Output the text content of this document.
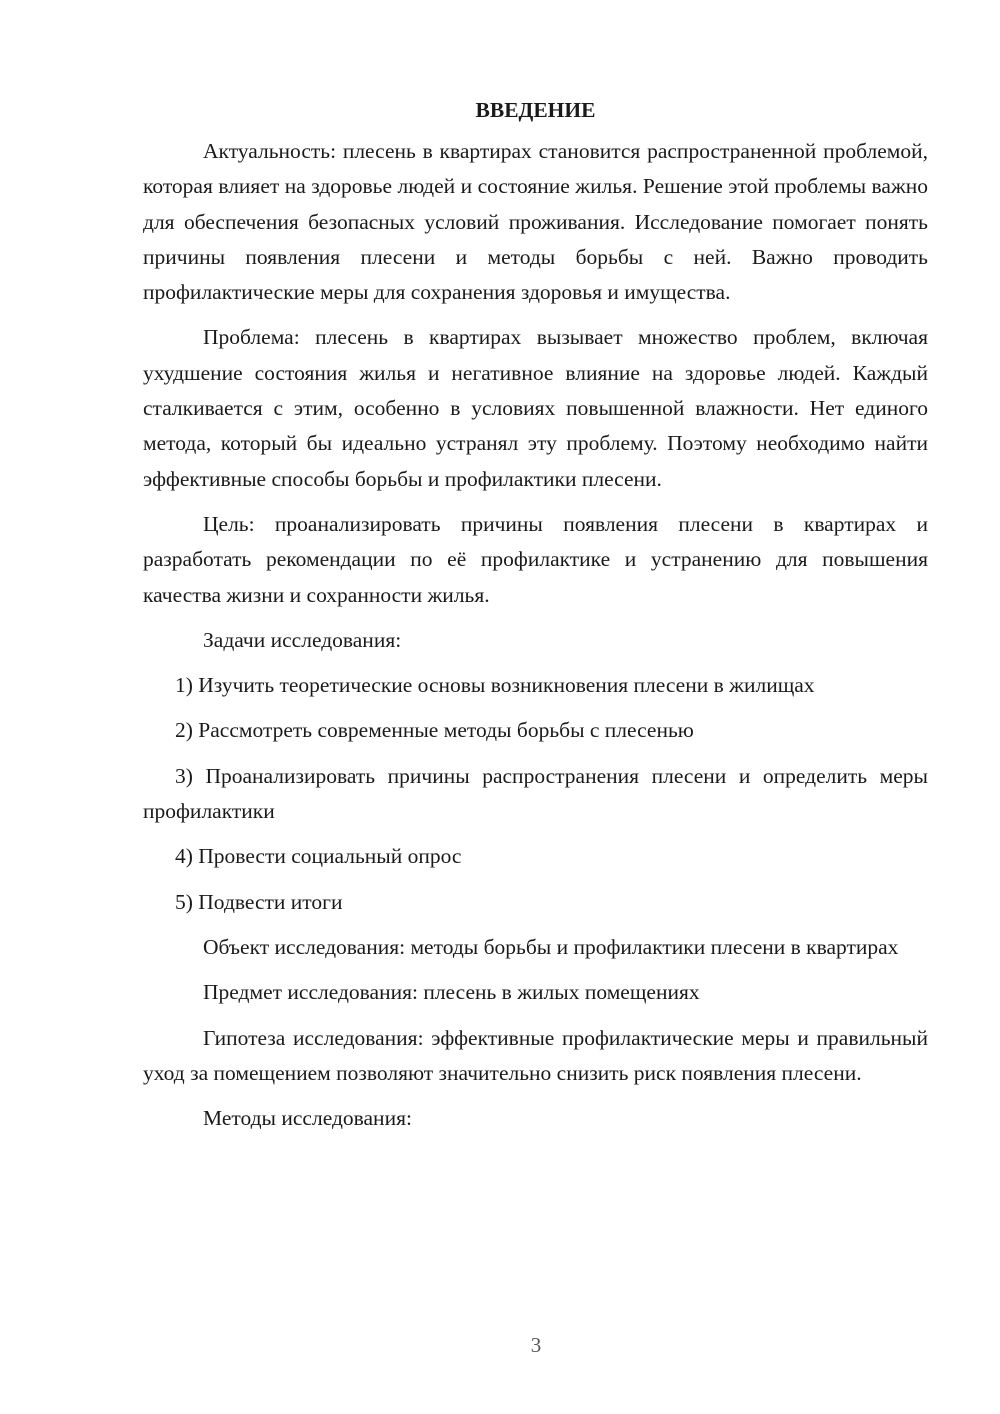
ВВЕДЕНИЕ

Актуальность: плесень в квартирах становится распространенной проблемой, которая влияет на здоровье людей и состояние жилья. Решение этой проблемы важно для обеспечения безопасных условий проживания. Исследование помогает понять причины появления плесени и методы борьбы с ней. Важно проводить профилактические меры для сохранения здоровья и имущества.

Проблема: плесень в квартирах вызывает множество проблем, включая ухудшение состояния жилья и негативное влияние на здоровье людей. Каждый сталкивается с этим, особенно в условиях повышенной влажности. Нет единого метода, который бы идеально устранял эту проблему. Поэтому необходимо найти эффективные способы борьбы и профилактики плесени.

Цель: проанализировать причины появления плесени в квартирах и разработать рекомендации по её профилактике и устранению для повышения качества жизни и сохранности жилья.

Задачи исследования:

1) Изучить теоретические основы возникновения плесени в жилищах

2) Рассмотреть современные методы борьбы с плесенью

3) Проанализировать причины распространения плесени и определить меры профилактики

4) Провести социальный опрос

5) Подвести итоги

Объект исследования: методы борьбы и профилактики плесени в квартирах

Предмет исследования: плесень в жилых помещениях

Гипотеза исследования: эффективные профилактические меры и правильный уход за помещением позволяют значительно снизить риск появления плесени.

Методы исследования:

3
